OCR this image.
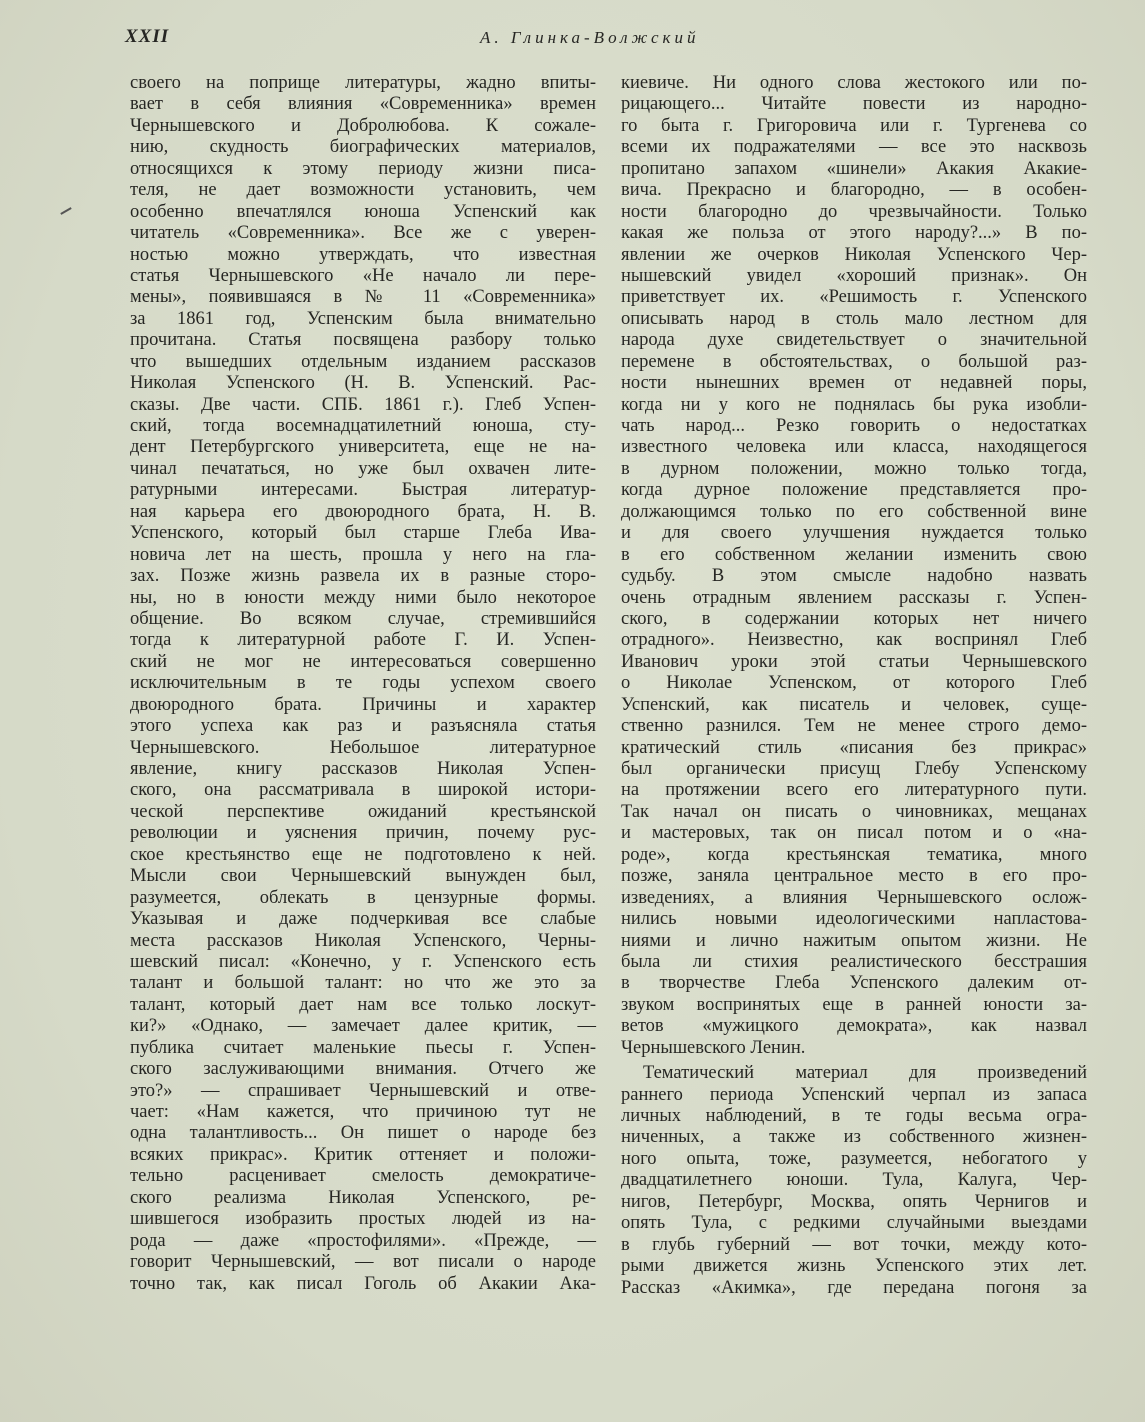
XXII	А. Глинка-Волжский
своего на поприще литературы, жадно впиты-
вает в себя влияния «Современника» времен
Чернышевского и Добролюбова. К сожале-
нию, скудность биографических материалов,
относящихся к этому периоду жизни писа-
теля, не дает возможности установить, чем
особенно впечатлялся юноша Успенский как
читатель «Современника». Все же с уверен-
ностью можно утверждать, что известная
статья Чернышевского «Не начало ли пере-
мены», появившаяся в № 11 «Современника»
за 1861 год, Успенским была внимательно
прочитана. Статья посвящена разбору только
что вышедших отдельным изданием рассказов
Николая Успенского (Н. В. Успенский. Рас-
сказы. Две части. СПБ. 1861 г.). Глеб Успен-
ский, тогда восемнадцатилетний юноша, сту-
дент Петербургского университета, еще не на-
чинал печататься, но уже был охвачен лите-
ратурными интересами. Быстрая литератур-
ная карьера его двоюродного брата, Н. В.
Успенского, который был старше Глеба Ива-
новича лет на шесть, прошла у него на гла-
зах. Позже жизнь развела их в разные сторо-
ны, но в юности между ними было некоторое
общение. Во всяком случае, стремившийся
тогда к литературной работе Г. И. Успен-
ский не мог не интересоваться совершенно
исключительным в те годы успехом своего
двоюродного брата. Причины и характер
этого успеха как раз и разъясняла статья
Чернышевского. Небольшое литературное
явление, книгу рассказов Николая Успен-
ского, она рассматривала в широкой истори-
ческой перспективе ожиданий крестьянской
революции и уяснения причин, почему рус-
ское крестьянство еще не подготовлено к ней.
Мысли свои Чернышевский вынужден был,
разумеется, облекать в цензурные формы.
Указывая и даже подчеркивая все слабые
места рассказов Николая Успенского, Черны-
шевский писал: «Конечно, у г. Успенского есть
талант и большой талант: но что же это за
талант, который дает нам все только лоскут-
ки?» «Однако, — замечает далее критик, —
публика считает маленькие пьесы г. Успен-
ского заслуживающими внимания. Отчего же
это?» — спрашивает Чернышевский и отве-
чает: «Нам кажется, что причиною тут не
одна талантливость... Он пишет о народе без
всяких прикрас». Критик оттеняет и положи-
тельно расценивает смелость демократиче-
ского реализма Николая Успенского, ре-
шившегося изобразить простых людей из на-
рода — даже «простофилями». «Прежде, —
говорит Чернышевский, — вот писали о народе
точно так, как писал Гоголь об Акакии Ака-
киевиче. Ни одного слова жестокого или по-
рицающего... Читайте повести из народно-
го быта г. Григоровича или г. Тургенева со
всеми их подражателями — все это насквозь
пропитано запахом «шинели» Акакия Акакие-
вича. Прекрасно и благородно, — в особен-
ности благородно до чрезвычайности. Только
какая же польза от этого народу?...» В по-
явлении же очерков Николая Успенского Чер-
нышевский увидел «хороший признак». Он
приветствует их. «Решимость г. Успенского
описывать народ в столь мало лестном для
народа духе свидетельствует о значительной
перемене в обстоятельствах, о большой раз-
ности нынешних времен от недавней поры,
когда ни у кого не поднялась бы рука изобли-
чать народ... Резко говорить о недостатках
известного человека или класса, находящегося
в дурном положении, можно только тогда,
когда дурное положение представляется про-
должающимся только по его собственной вине
и для своего улучшения нуждается только
в его собственном желании изменить свою
судьбу. В этом смысле надобно назвать
очень отрадным явлением рассказы г. Успен-
ского, в содержании которых нет ничего
отрадного». Неизвестно, как воспринял Глеб
Иванович уроки этой статьи Чернышевского
о Николае Успенском, от которого Глеб
Успенский, как писатель и человек, суще-
ственно разнился. Тем не менее строго демо-
кратический стиль «писания без прикрас»
был органически присущ Глебу Успенскому
на протяжении всего его литературного пути.
Так начал он писать о чиновниках, мещанах
и мастеровых, так он писал потом и о «на-
роде», когда крестьянская тематика, много
позже, заняла центральное место в его про-
изведениях, а влияния Чернышевского ослож-
нились новыми идеологическими напластова-
ниями и лично нажитым опытом жизни. Не
была ли стихия реалистического бесстрашия
в творчестве Глеба Успенского далеким от-
звуком воспринятых еще в ранней юности за-
ветов «мужицкого демократа», как назвал
Чернышевского Ленин.
Тематический материал для произведений
раннего периода Успенский черпал из запаса
личных наблюдений, в те годы весьма огра-
ниченных, а также из собственного жизнен-
ного опыта, тоже, разумеется, небогатого у
двадцатилетнего юноши. Тула, Калуга, Чер-
нигов, Петербург, Москва, опять Чернигов и
опять Тула, с редкими случайными выездами
в глубь губерний — вот точки, между кото-
рыми движется жизнь Успенского этих лет.
Рассказ «Акимка», где передана погоня за
